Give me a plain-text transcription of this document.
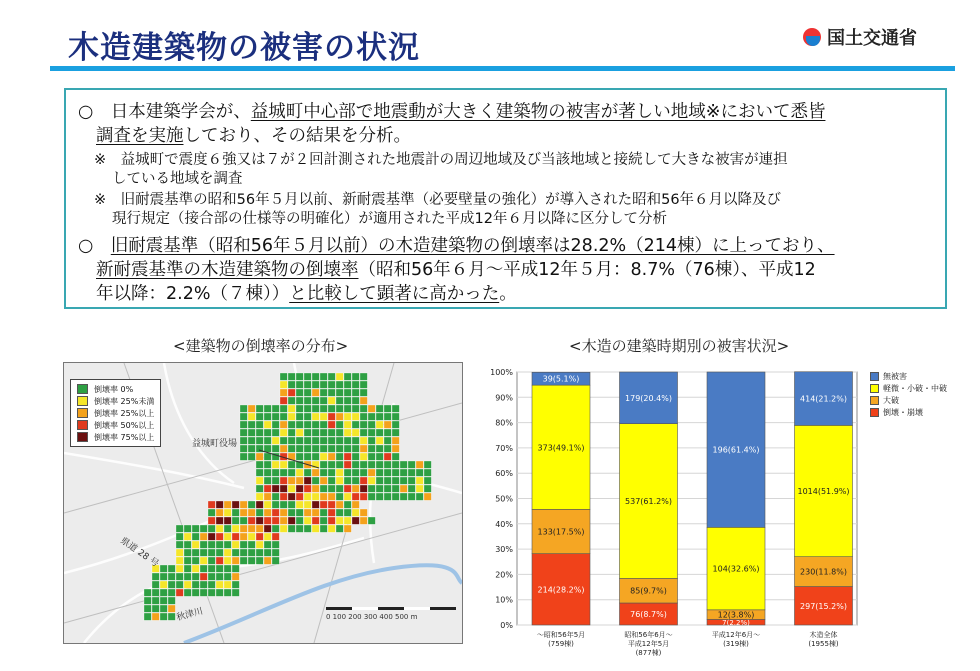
木造建築物の被害の状況	国土交通省
○　日本建築学会が、益城町中心部で地震動が大きく建築物の被害が著しい地域※において悉皆
調査を実施しており、その結果を分析。
※　益城町で震度６強又は７が２回計測された地震計の周辺地域及び当該地域と接続して大きな被害が連担
している地域を調査
※　旧耐震基準の昭和56年５月以前、新耐震基準（必要壁量の強化）が導入された昭和56年６月以降及び
現行規定（接合部の仕様等の明確化）が適用された平成12年６月以降に区分して分析
○　旧耐震基準（昭和56年５月以前）の木造建築物の倒壊率は28.2%（214棟）に上っており、
新耐震基準の木造建築物の倒壊率（昭和56年６月～平成12年５月：8.7%（76棟）、平成12
年以降：2.2%（７棟））と比較して顕著に高かった。
<建築物の倒壊率の分布>	<木造の建築時期別の被害状況>
倒壊率 0%
倒壊率 25%未満
倒壊率 25%以上
倒壊率 50%以上
倒壊率 75%以上
益城町役場
県道 28 号
秋津川	0 100 200 300 400 500 m
0%
10%
20%
30%
40%
50%
60%
70%
80%
90%
100%
214(28.2%)
133(17.5%)
373(49.1%)
39(5.1%)
～昭和56年5月
(759棟)
76(8.7%)
85(9.7%)
537(61.2%)
179(20.4%)
昭和56年6月～
平成12年5月
(877棟)
7(2.2%)
12(3.8%)
104(32.6%)
196(61.4%)
平成12年6月～
(319棟)
297(15.2%)
230(11.8%)
1014(51.9%)
414(21.2%)
木造全体
(1955棟)
無被害
軽微・小破・中破
大破
倒壊・崩壊
